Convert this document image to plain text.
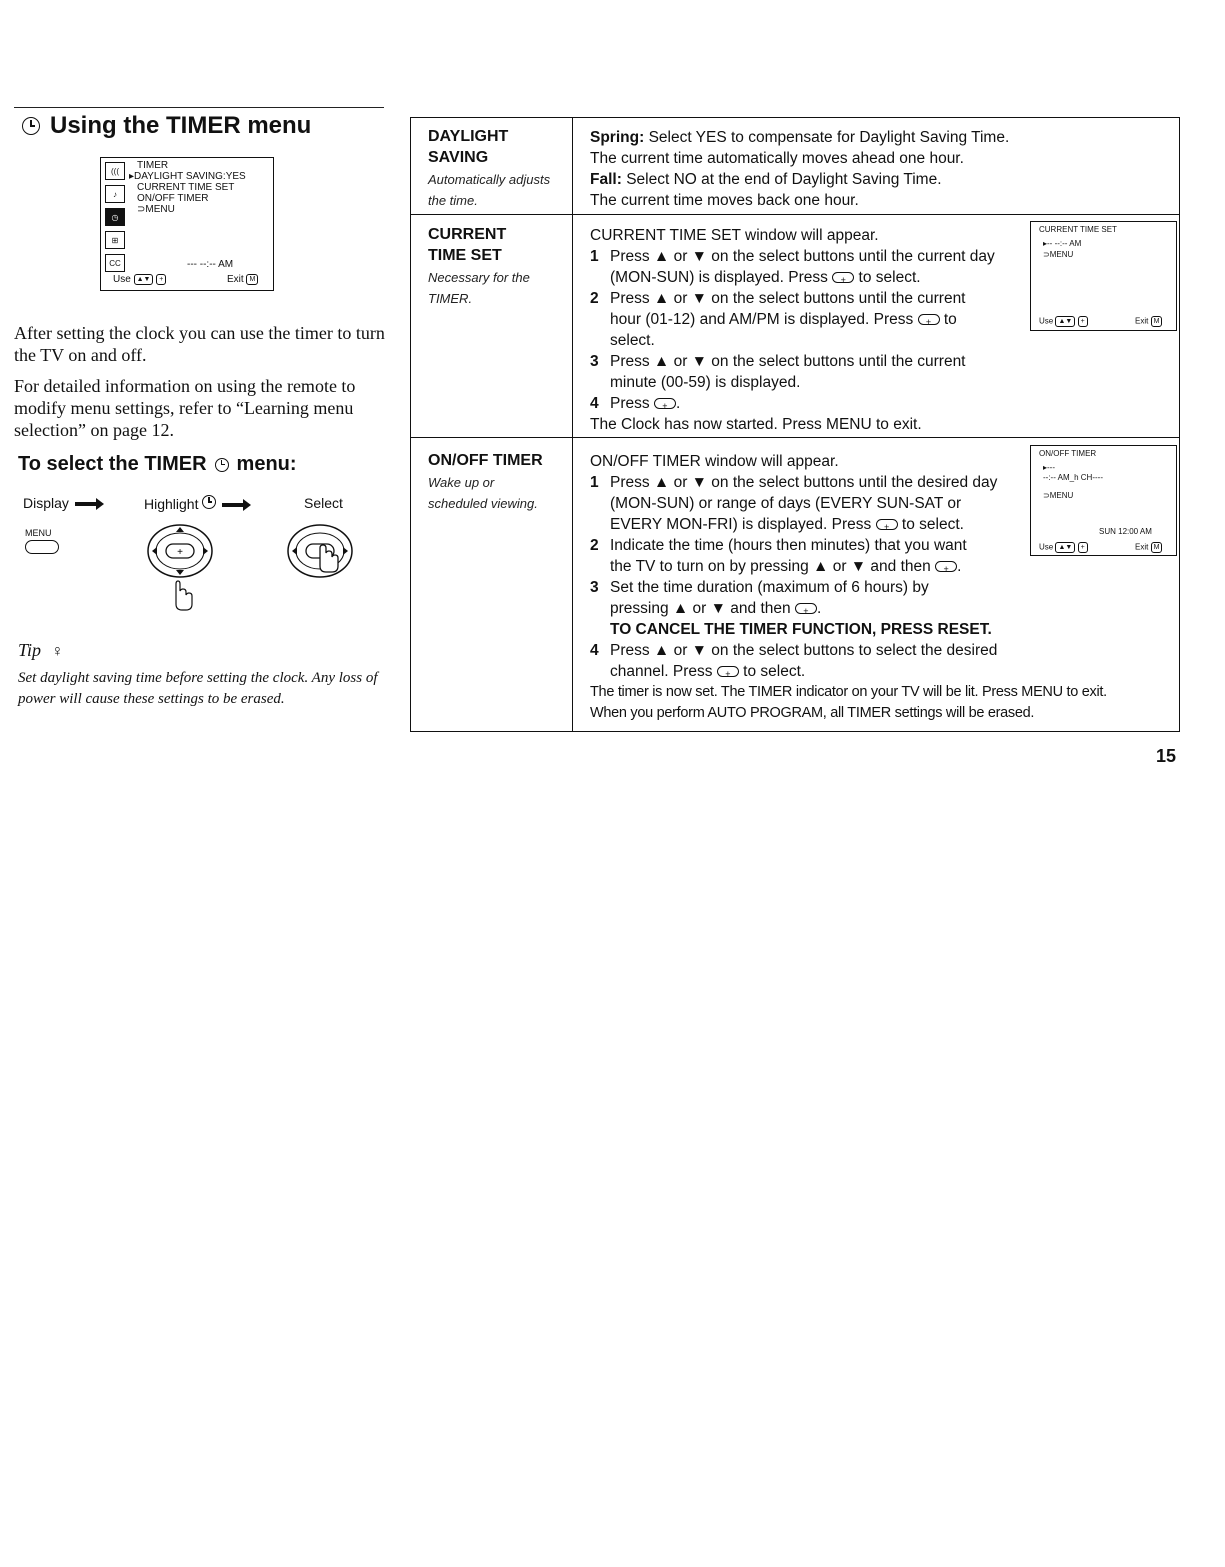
Using the TIMER menu
(((
♪
◷
⊞
CC
TIMER
▸DAYLIGHT SAVING:YES
CURRENT TIME SET
ON/OFF TIMER
⊃MENU
--- --:-- AM
Use ▲▼ +	Exit M
After setting the clock you can use the timer to turn the TV on and off.
For detailed information on using the remote to modify menu settings, refer to “Learning menu selection” on page 12.
To select the TIMER menu:
Display	Highlight	Select
MENU
+
Tip ♀
Set daylight saving time before setting the clock. Any loss of power will cause these settings to be erased.
DAYLIGHT
SAVING
Automatically adjusts
the time.

Spring: Select YES to compensate for Daylight Saving Time.

The current time automatically moves ahead one hour.

Fall: Select NO at the end of Daylight Saving Time.

The current time moves back one hour.

CURRENT
TIME SET
Necessary for the
TIMER.

CURRENT TIME SET window will appear.

1 Press ▲ or ▼ on the select buttons until the current day
(MON-SUN) is displayed. Press + to select.
2 Press ▲ or ▼ on the select buttons until the current
hour (01-12) and AM/PM is displayed. Press + to
select.
3 Press ▲ or ▼ on the select buttons until the current
minute (00-59) is displayed.
4 Press + .

The Clock has now started. Press MENU to exit.

CURRENT TIME SET
▸-- --:-- AM
⊃MENU
Use ▲▼ +	Exit M
ON/OFF TIMER
Wake up or
scheduled viewing.

ON/OFF TIMER window will appear.

1 Press ▲ or ▼ on the select buttons until the desired day
(MON-SUN) or range of days (EVERY SUN-SAT or
EVERY MON-FRI) is displayed. Press + to select.
2 Indicate the time (hours then minutes) that you want
the TV to turn on by pressing ▲ or ▼ and then + .
3 Set the time duration (maximum of 6 hours) by
pressing ▲ or ▼ and then + .
TO CANCEL THE TIMER FUNCTION, PRESS RESET.
4 Press ▲ or ▼ on the select buttons to select the desired
channel. Press + to select.

The timer is now set. The TIMER indicator on your TV will be lit. Press MENU to exit.

When you perform AUTO PROGRAM, all TIMER settings will be erased.

ON/OFF TIMER
▸---
--:-- AM_h CH----
⊃MENU
SUN 12:00 AM
Use ▲▼ +	Exit M
15
